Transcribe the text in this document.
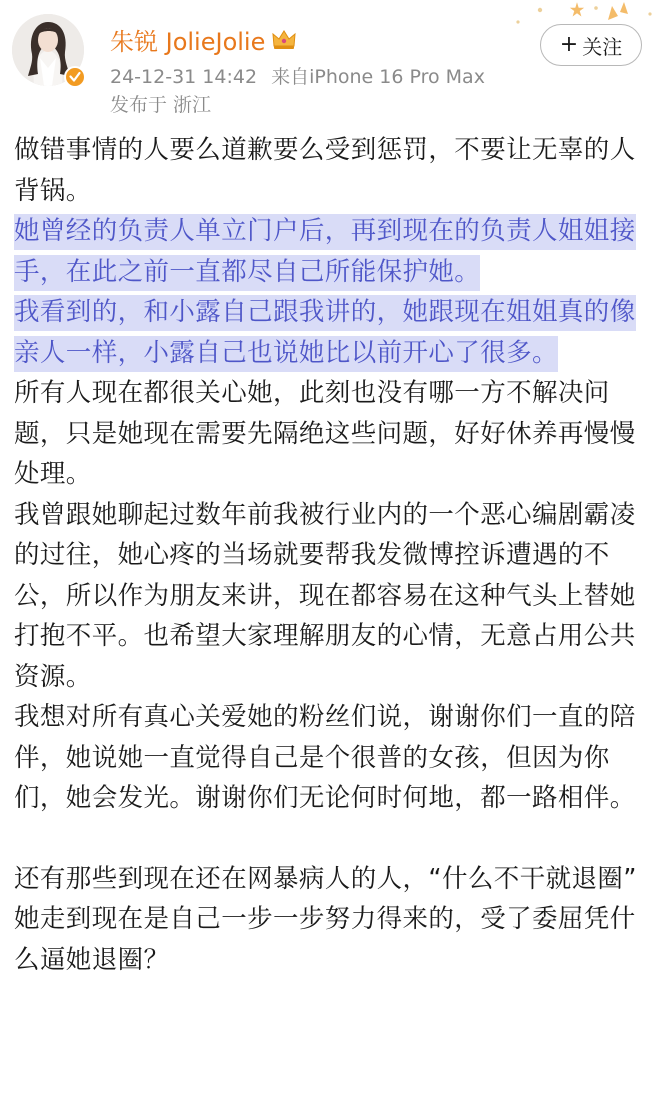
朱锐 JolieJolie
24-12-31 14:42 来自iPhone 16 Pro Max
发布于 浙江
+ 关注

做错事情的人要么道歉要么受到惩罚，不要让无辜的人背锅。

她曾经的负责人单立门户后，再到现在的负责人姐姐接手，在此之前一直都尽自己所能保护她。

我看到的，和小露自己跟我讲的，她跟现在姐姐真的像亲人一样，小露自己也说她比以前开心了很多。

所有人现在都很关心她，此刻也没有哪一方不解决问题，只是她现在需要先隔绝这些问题，好好休养再慢慢处理。

我曾跟她聊起过数年前我被行业内的一个恶心编剧霸凌的过往，她心疼的当场就要帮我发微博控诉遭遇的不公，所以作为朋友来讲，现在都容易在这种气头上替她打抱不平。也希望大家理解朋友的心情，无意占用公共资源。

我想对所有真心关爱她的粉丝们说，谢谢你们一直的陪伴，她说她一直觉得自己是个很普的女孩，但因为你们，她会发光。谢谢你们无论何时何地，都一路相伴。

还有那些到现在还在网暴病人的人，“什么不干就退圈”

她走到现在是自己一步一步努力得来的，受了委屈凭什么逼她退圈？
